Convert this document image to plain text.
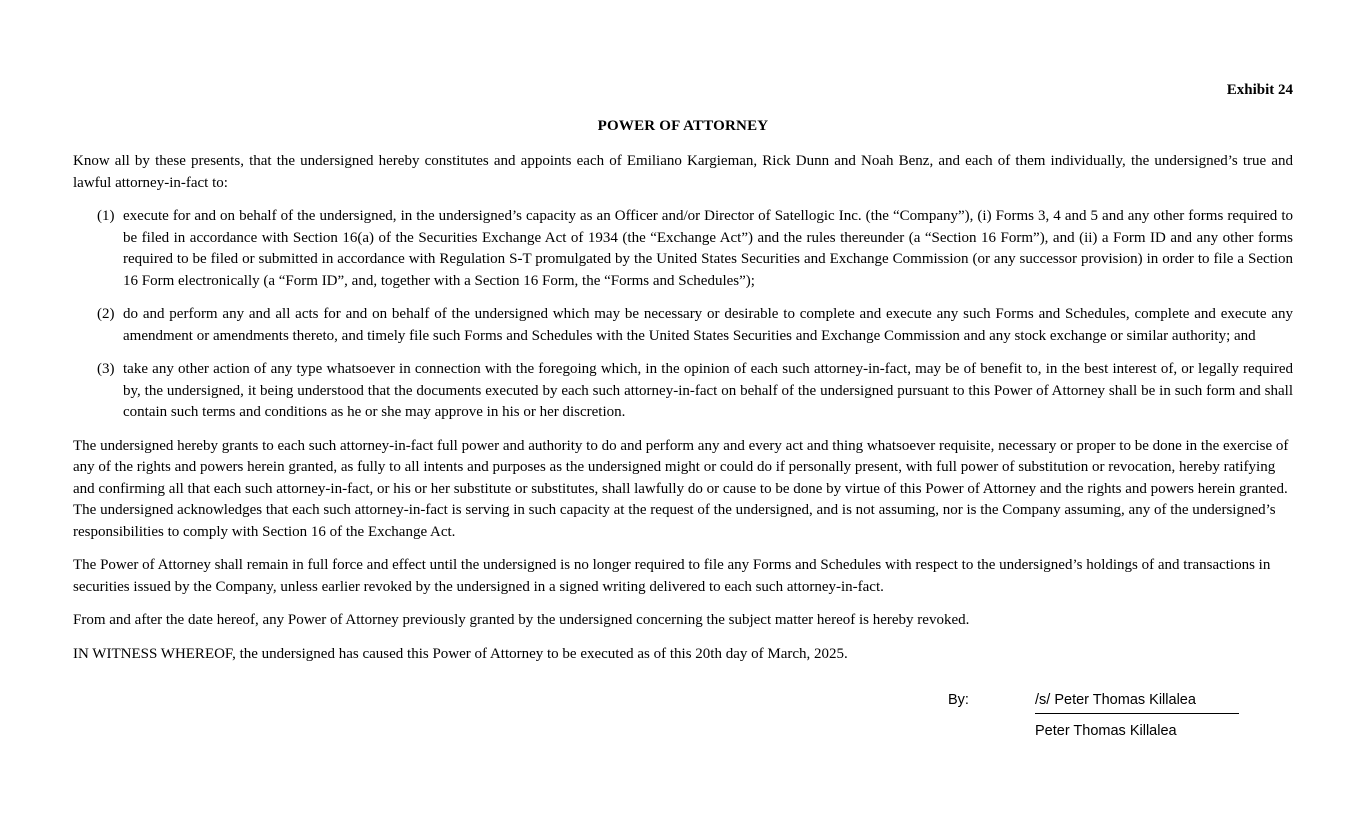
Exhibit 24
POWER OF ATTORNEY

Know all by these presents, that the undersigned hereby constitutes and appoints each of Emiliano Kargieman, Rick Dunn and Noah Benz, and each of them individually, the undersigned’s true and lawful attorney-in-fact to:

(1) execute for and on behalf of the undersigned, in the undersigned’s capacity as an Officer and/or Director of Satellogic Inc. (the “Company”), (i) Forms 3, 4 and 5 and any other forms required to be filed in accordance with Section 16(a) of the Securities Exchange Act of 1934 (the “Exchange Act”) and the rules thereunder (a “Section 16 Form”), and (ii) a Form ID and any other forms required to be filed or submitted in accordance with Regulation S-T promulgated by the United States Securities and Exchange Commission (or any successor provision) in order to file a Section 16 Form electronically (a “Form ID”, and, together with a Section 16 Form, the “Forms and Schedules”);
(2) do and perform any and all acts for and on behalf of the undersigned which may be necessary or desirable to complete and execute any such Forms and Schedules, complete and execute any amendment or amendments thereto, and timely file such Forms and Schedules with the United States Securities and Exchange Commission and any stock exchange or similar authority; and
(3) take any other action of any type whatsoever in connection with the foregoing which, in the opinion of each such attorney-in-fact, may be of benefit to, in the best interest of, or legally required by, the undersigned, it being understood that the documents executed by each such attorney-in-fact on behalf of the undersigned pursuant to this Power of Attorney shall be in such form and shall contain such terms and conditions as he or she may approve in his or her discretion.

The undersigned hereby grants to each such attorney-in-fact full power and authority to do and perform any and every act and thing whatsoever requisite, necessary or proper to be done in the exercise of any of the rights and powers herein granted, as fully to all intents and purposes as the undersigned might or could do if personally present, with full power of substitution or revocation, hereby ratifying and confirming all that each such attorney-in-fact, or his or her substitute or substitutes, shall lawfully do or cause to be done by virtue of this Power of Attorney and the rights and powers herein granted. The undersigned acknowledges that each such attorney-in-fact is serving in such capacity at the request of the undersigned, and is not assuming, nor is the Company assuming, any of the undersigned’s responsibilities to comply with Section 16 of the Exchange Act.

The Power of Attorney shall remain in full force and effect until the undersigned is no longer required to file any Forms and Schedules with respect to the undersigned’s holdings of and transactions in securities issued by the Company, unless earlier revoked by the undersigned in a signed writing delivered to each such attorney-in-fact.

From and after the date hereof, any Power of Attorney previously granted by the undersigned concerning the subject matter hereof is hereby revoked.

IN WITNESS WHEREOF, the undersigned has caused this Power of Attorney to be executed as of this 20th day of March, 2025.

By:	/s/ Peter Thomas Killalea
Peter Thomas Killalea
